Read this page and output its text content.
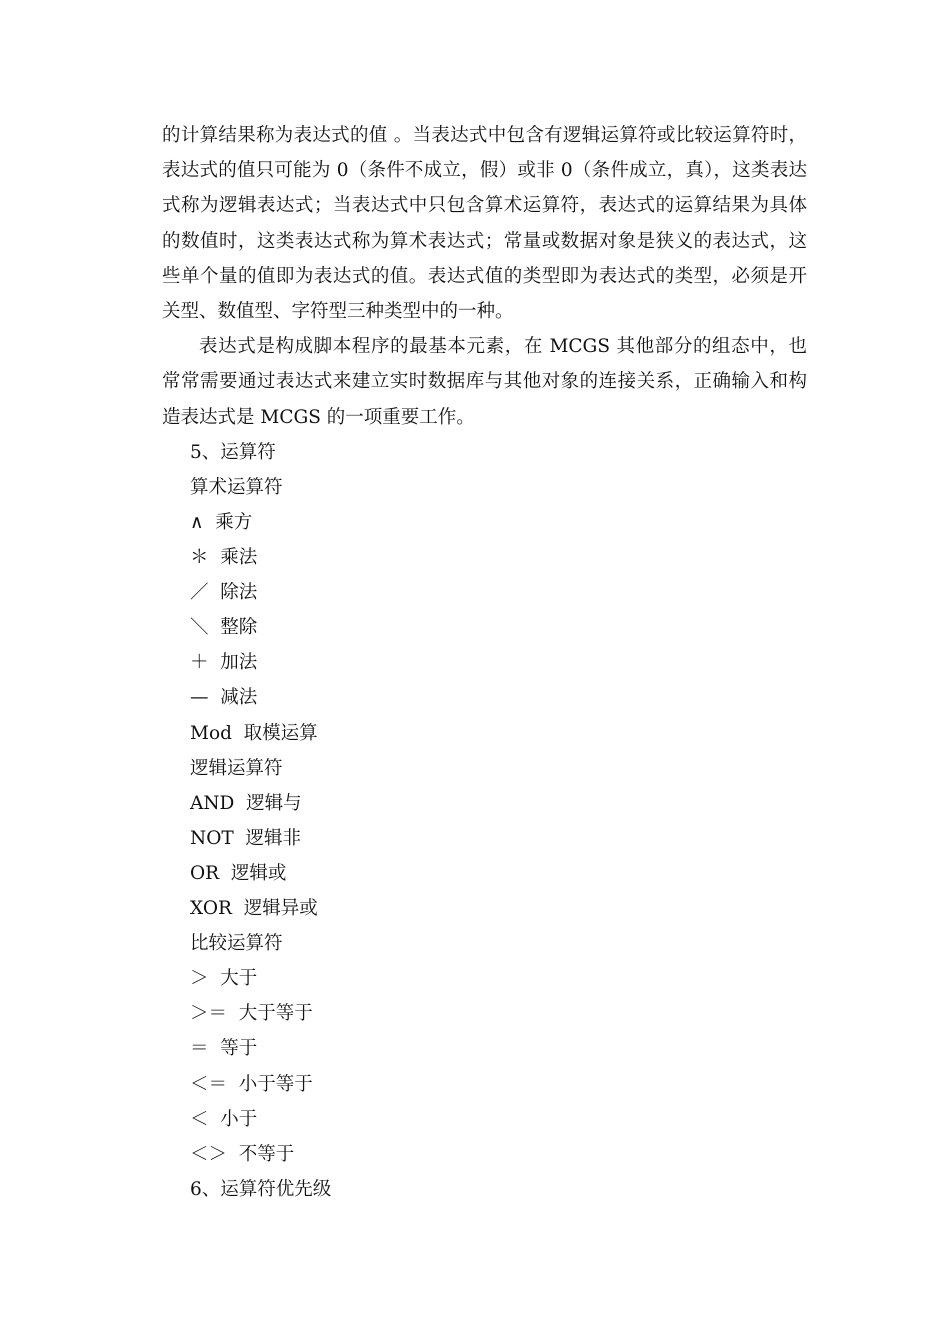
的计算结果称为表达式的值 。当表达式中包含有逻辑运算符或比较运算符时，表达式的值只可能为 0（条件不成立，假）或非 0（条件成立，真），这类表达式称为逻辑表达式；当表达式中只包含算术运算符，表达式的运算结果为具体的数值时，这类表达式称为算术表达式；常量或数据对象是狭义的表达式，这些单个量的值即为表达式的值。表达式值的类型即为表达式的类型，必须是开关型、数值型、字符型三种类型中的一种。

表达式是构成脚本程序的最基本元素，在 MCGS 其他部分的组态中，也常常需要通过表达式来建立实时数据库与其他对象的连接关系，正确输入和构造表达式是 MCGS 的一项重要工作。

5、运算符
算术运算符
∧  乘方
＊  乘法
／  除法
＼  整除
＋  加法
—  减法
Mod  取模运算
逻辑运算符
AND  逻辑与
NOT  逻辑非
OR  逻辑或
XOR  逻辑异或
比较运算符
＞  大于
＞＝  大于等于
＝  等于
＜＝  小于等于
＜  小于
＜＞  不等于
6、运算符优先级
